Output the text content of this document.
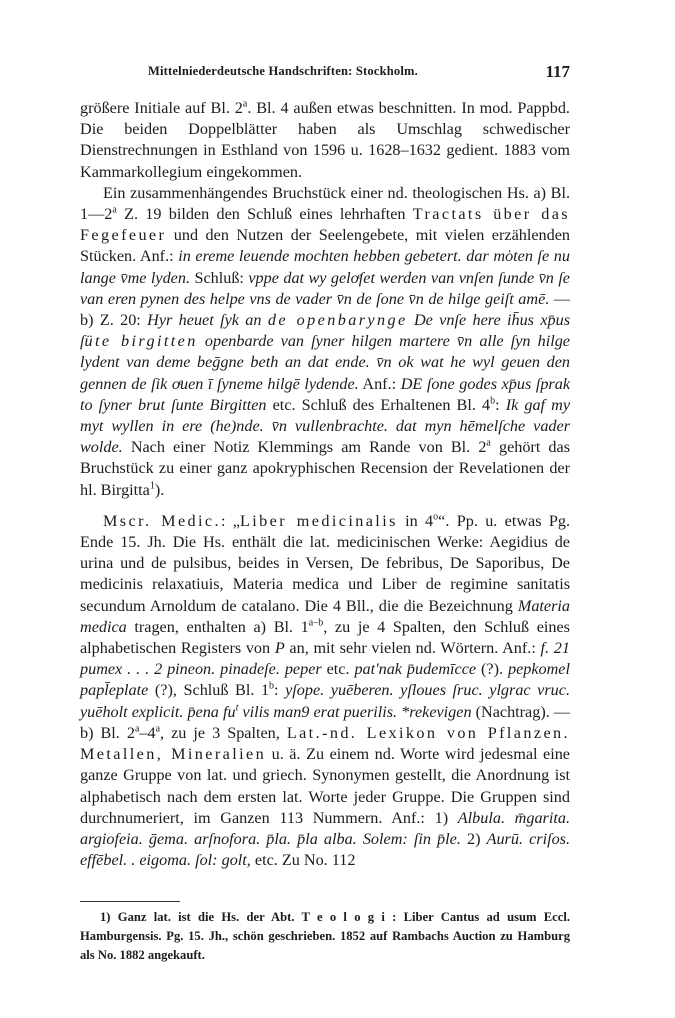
Mittelniederdeutsche Handschriften: Stockholm.	117

größere Initiale auf Bl. 2$^a$. Bl. 4 außen etwas beschnitten. In mod. Pappbd. Die beiden Doppelblätter haben als Umschlag schwedischer Dienstrechnungen in Esthland von 1596 u. 1628–1632 gedient. 1883 vom Kammarkollegium eingekommen.

Ein zusammenhängendes Bruchstück einer nd. theologischen Hs. a) Bl. 1—2$^a$ Z. 19 bilden den Schluß eines lehrhaften Tractats über das Fegefeuer und den Nutzen der Seelengebete, mit vielen erzählenden Stücken. Anf.: in ereme leuende mochten hebben gebetert. dar mo̍ten ſe nu lange v̄me lyden. Schluß: vppe dat wy geloͤſet werden van vnſen ſunde v̄n ſe van eren pynen des helpe vns de vader v̄n de ſone v̄n de hilge geiſt amē. — b) Z. 20: Hyr heuet ſyk an de openbarynge De vnſe here ih̄us xp̄us ſüte birgitten openbarde van ſyner hilgen martere v̄n alle ſyn hilge lydent van deme beḡgne beth an dat ende. v̄n ok wat he wyl geuen den gennen de ſik oͤuen ī ſyneme hilgē lydende. Anf.: DE ſone godes xp̄us ſprak to ſyner brut ſunte Birgitten etc. Schluß des Erhaltenen Bl. 4$^b$: Ik gaf my myt wyllen in ere (he)nde. v̄n vullenbrachte. dat myn hēmelſche vader wolde. Nach einer Notiz Klemmings am Rande von Bl. 2$^a$ gehört das Bruchstück zu einer ganz apokryphischen Recension der Revelationen der hl. Birgitta$^1$).

Mscr. Medic.: „Liber medicinalis in 4$^o$“. Pp. u. etwas Pg. Ende 15. Jh. Die Hs. enthält die lat. medicinischen Werke: Aegidius de urina und de pulsibus, beides in Versen, De febribus, De Saporibus, De medicinis relaxatiuis, Materia medica und Liber de regimine sanitatis secundum Arnoldum de catalano. Die 4 Bll., die die Bezeichnung Materia medica tragen, enthalten a) Bl. 1$^{a-b}$, zu je 4 Spalten, den Schluß eines alphabetischen Registers von P an, mit sehr vielen nd. Wörtern. Anf.: f. 21 pumex . . . 2 pineon. pinadeſe. peper etc. pat'nak p̄udemīcce (?). pepkomel papl̄eplate (?), Schluß Bl. 1$^b$: yſope. yuēberen. yſloues ſruc. ylgrac vruc. yuēholt explicit. p̄ena $fu^t$ vilis man9 erat puerilis. *rekevigen (Nachtrag). — b) Bl. 2$^a$–4$^a$, zu je 3 Spalten, Lat.-nd. Lexikon von Pflanzen. Metallen, Mineralien u. ä. Zu einem nd. Worte wird jedesmal eine ganze Gruppe von lat. und griech. Synonymen gestellt, die Anordnung ist alphabetisch nach dem ersten lat. Worte jeder Gruppe. Die Gruppen sind durchnumeriert, im Ganzen 113 Nummern. Anf.: 1) Albula. m̄garita. argiofeia. ḡema. arſnofora. p̄la. p̄la alba. Solem: ſin p̄le. 2) Aurū. criſos. effēbel. . eigoma. ſol: golt, etc. Zu No. 112

1) Ganz lat. ist die Hs. der Abt. T e o l o g i : Liber Cantus ad usum Eccl. Hamburgensis. Pg. 15. Jh., schön geschrieben. 1852 auf Rambachs Auction zu Hamburg als No. 1882 angekauft.
